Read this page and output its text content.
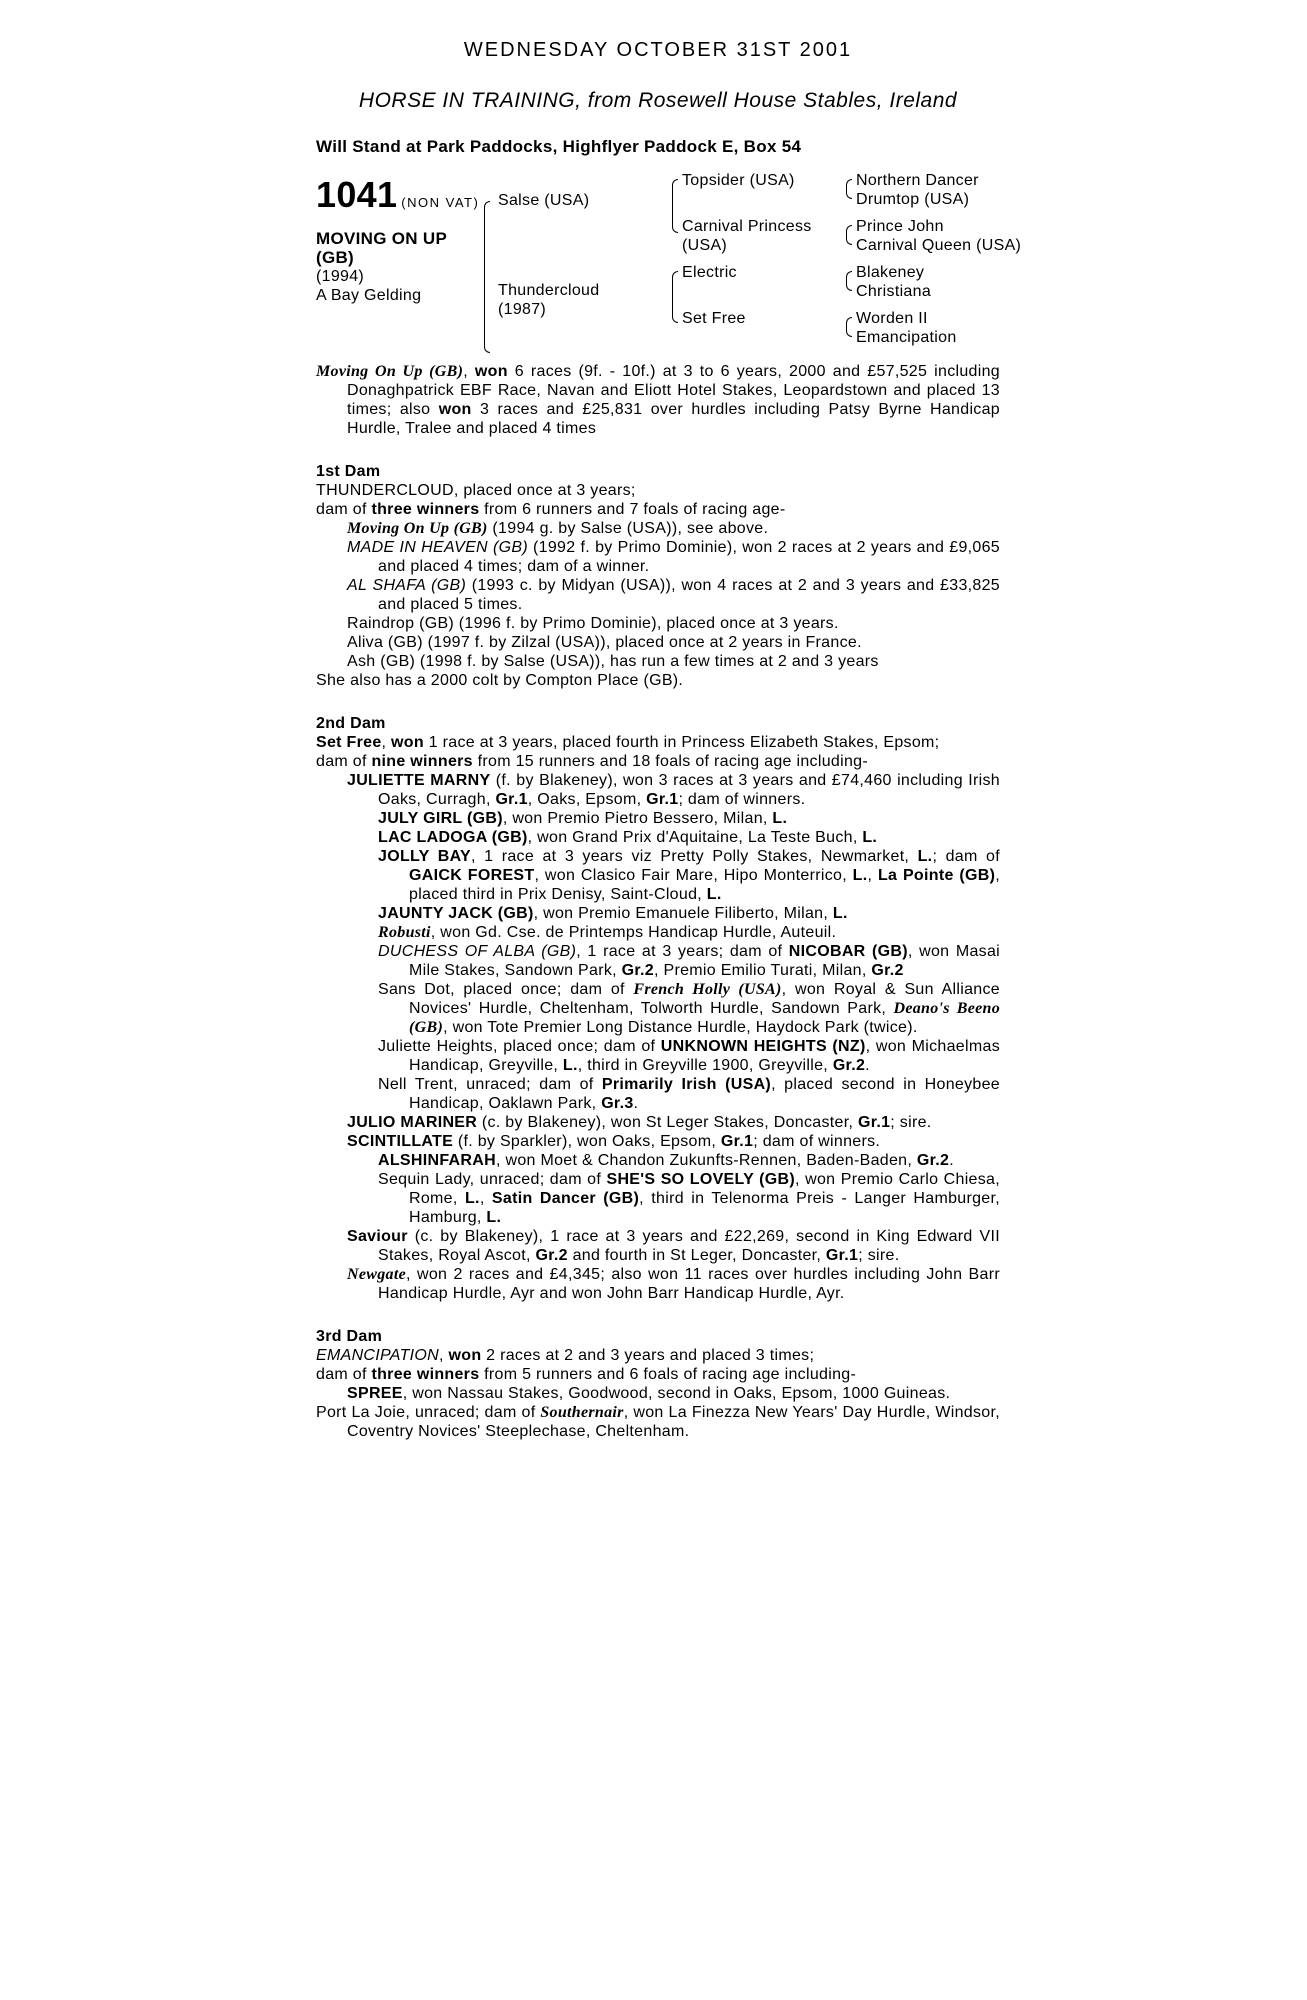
WEDNESDAY OCTOBER 31ST 2001
HORSE IN TRAINING, from Rosewell House Stables, Ireland
Will Stand at Park Paddocks, Highflyer Paddock E, Box 54
1041 (NON VAT)
MOVING ON UP
(GB)
(1994)
A Bay Gelding
Salse (USA)
Thundercloud
(1987)
Topsider (USA)
Carnival Princess
(USA)
Electric
Set Free
Northern Dancer
Drumtop (USA)
Prince John
Carnival Queen (USA)
Blakeney
Christiana
Worden II
Emancipation
Moving On Up (GB), won 6 races (9f. - 10f.) at 3 to 6 years, 2000 and £57,525 including Donaghpatrick EBF Race, Navan and Eliott Hotel Stakes, Leopardstown and placed 13 times; also won 3 races and £25,831 over hurdles including Patsy Byrne Handicap Hurdle, Tralee and placed 4 times
1st Dam
THUNDERCLOUD, placed once at 3 years;
dam of three winners from 6 runners and 7 foals of racing age-
Moving On Up (GB) (1994 g. by Salse (USA)), see above.
MADE IN HEAVEN (GB) (1992 f. by Primo Dominie), won 2 races at 2 years and £9,065 and placed 4 times; dam of a winner.
AL SHAFA (GB) (1993 c. by Midyan (USA)), won 4 races at 2 and 3 years and £33,825 and placed 5 times.
Raindrop (GB) (1996 f. by Primo Dominie), placed once at 3 years.
Aliva (GB) (1997 f. by Zilzal (USA)), placed once at 2 years in France.
Ash (GB) (1998 f. by Salse (USA)), has run a few times at 2 and 3 years
She also has a 2000 colt by Compton Place (GB).
2nd Dam
Set Free, won 1 race at 3 years, placed fourth in Princess Elizabeth Stakes, Epsom;
dam of nine winners from 15 runners and 18 foals of racing age including-
JULIETTE MARNY (f. by Blakeney), won 3 races at 3 years and £74,460 including Irish Oaks, Curragh, Gr.1, Oaks, Epsom, Gr.1; dam of winners.
JULY GIRL (GB), won Premio Pietro Bessero, Milan, L.
LAC LADOGA (GB), won Grand Prix d'Aquitaine, La Teste Buch, L.
JOLLY BAY, 1 race at 3 years viz Pretty Polly Stakes, Newmarket, L.; dam of GAICK FOREST, won Clasico Fair Mare, Hipo Monterrico, L., La Pointe (GB), placed third in Prix Denisy, Saint-Cloud, L.
JAUNTY JACK (GB), won Premio Emanuele Filiberto, Milan, L.
Robusti, won Gd. Cse. de Printemps Handicap Hurdle, Auteuil.
DUCHESS OF ALBA (GB), 1 race at 3 years; dam of NICOBAR (GB), won Masai Mile Stakes, Sandown Park, Gr.2, Premio Emilio Turati, Milan, Gr.2
Sans Dot, placed once; dam of French Holly (USA), won Royal & Sun Alliance Novices' Hurdle, Cheltenham, Tolworth Hurdle, Sandown Park, Deano's Beeno (GB), won Tote Premier Long Distance Hurdle, Haydock Park (twice).
Juliette Heights, placed once; dam of UNKNOWN HEIGHTS (NZ), won Michaelmas Handicap, Greyville, L., third in Greyville 1900, Greyville, Gr.2.
Nell Trent, unraced; dam of Primarily Irish (USA), placed second in Honeybee Handicap, Oaklawn Park, Gr.3.
JULIO MARINER (c. by Blakeney), won St Leger Stakes, Doncaster, Gr.1; sire.
SCINTILLATE (f. by Sparkler), won Oaks, Epsom, Gr.1; dam of winners.
ALSHINFARAH, won Moet & Chandon Zukunfts-Rennen, Baden-Baden, Gr.2.
Sequin Lady, unraced; dam of SHE'S SO LOVELY (GB), won Premio Carlo Chiesa, Rome, L., Satin Dancer (GB), third in Telenorma Preis - Langer Hamburger, Hamburg, L.
Saviour (c. by Blakeney), 1 race at 3 years and £22,269, second in King Edward VII Stakes, Royal Ascot, Gr.2 and fourth in St Leger, Doncaster, Gr.1; sire.
Newgate, won 2 races and £4,345; also won 11 races over hurdles including John Barr Handicap Hurdle, Ayr and won John Barr Handicap Hurdle, Ayr.
3rd Dam
EMANCIPATION, won 2 races at 2 and 3 years and placed 3 times;
dam of three winners from 5 runners and 6 foals of racing age including-
SPREE, won Nassau Stakes, Goodwood, second in Oaks, Epsom, 1000 Guineas.
Port La Joie, unraced; dam of Southernair, won La Finezza New Years' Day Hurdle, Windsor, Coventry Novices' Steeplechase, Cheltenham.
